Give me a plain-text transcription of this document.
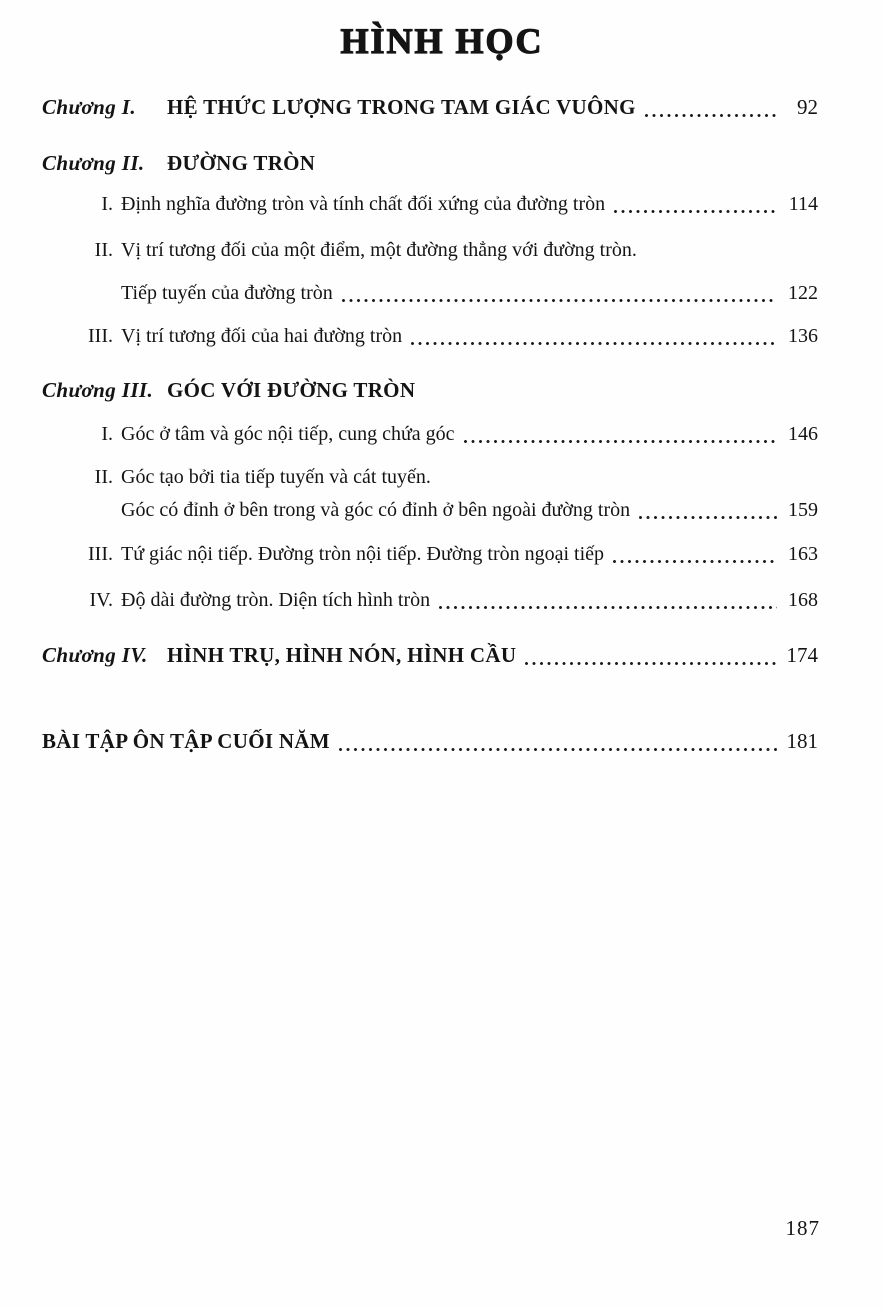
HÌNH HỌC
Chương I.	HỆ THỨC LƯỢNG TRONG TAM GIÁC VUÔNG	92
Chương II.	ĐƯỜNG TRÒN
I. Định nghĩa đường tròn và tính chất đối xứng của đường tròn	114
II. Vị trí tương đối của một điểm, một đường thẳng với đường tròn.
Tiếp tuyến của đường tròn	122
III. Vị trí tương đối của hai đường tròn	136
Chương III. GÓC VỚI ĐƯỜNG TRÒN
I. Góc ở tâm và góc nội tiếp, cung chứa góc	146
II. Góc tạo bởi tia tiếp tuyến và cát tuyến.
Góc có đỉnh ở bên trong và góc có đỉnh ở bên ngoài đường tròn	159
III. Tứ giác nội tiếp. Đường tròn nội tiếp. Đường tròn ngoại tiếp	163
IV. Độ dài đường tròn. Diện tích hình tròn	168
Chương IV. HÌNH TRỤ, HÌNH NÓN, HÌNH CẦU	174
BÀI TẬP ÔN TẬP CUỐI NĂM	181
187
